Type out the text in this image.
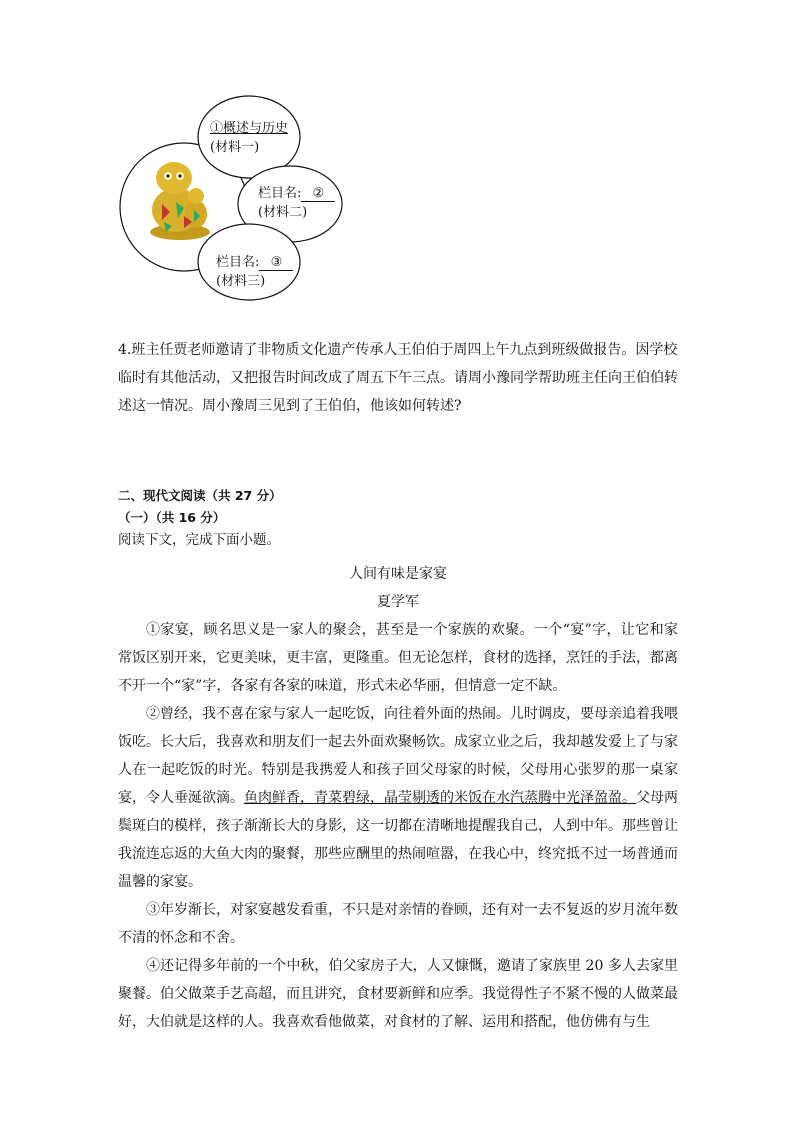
①概述与历史
(材料一)
栏目名: ②
(材料二)
栏目名: ③
(材料三)

4.班主任贾老师邀请了非物质文化遗产传承人王伯伯于周四上午九点到班级做报告。因学校临时有其他活动，又把报告时间改成了周五下午三点。请周小豫同学帮助班主任向王伯伯转述这一情况。周小豫周三见到了王伯伯，他该如何转述?

二、现代文阅读（共 27 分）
（一）（共 16 分）
阅读下文，完成下面小题。
人间有味是家宴
夏学军

①家宴，顾名思义是一家人的聚会，甚至是一个家族的欢聚。一个“宴”字，让它和家常饭区别开来，它更美味，更丰富，更隆重。但无论怎样，食材的选择，烹饪的手法，都离不开一个“家”字，各家有各家的味道，形式未必华丽，但情意一定不缺。

②曾经，我不喜在家与家人一起吃饭，向往着外面的热闹。儿时调皮，要母亲追着我喂饭吃。长大后，我喜欢和朋友们一起去外面欢聚畅饮。成家立业之后，我却越发爱上了与家人在一起吃饭的时光。特别是我携爱人和孩子回父母家的时候，父母用心张罗的那一桌家宴，令人垂涎欲滴。鱼肉鲜香，青菜碧绿，晶莹剔透的米饭在水汽蒸腾中光泽盈盈。父母两鬓斑白的模样，孩子渐渐长大的身影，这一切都在清晰地提醒我自己，人到中年。那些曾让我流连忘返的大鱼大肉的聚餐，那些应酬里的热闹喧嚣，在我心中，终究抵不过一场普通而温馨的家宴。

③年岁渐长，对家宴越发看重，不只是对亲情的眷顾，还有对一去不复返的岁月流年数不清的怀念和不舍。

④还记得多年前的一个中秋，伯父家房子大，人又慷慨，邀请了家族里 20 多人去家里聚餐。伯父做菜手艺高超，而且讲究，食材要新鲜和应季。我觉得性子不紧不慢的人做菜最好，大伯就是这样的人。我喜欢看他做菜，对食材的了解、运用和搭配，他仿佛有与生
